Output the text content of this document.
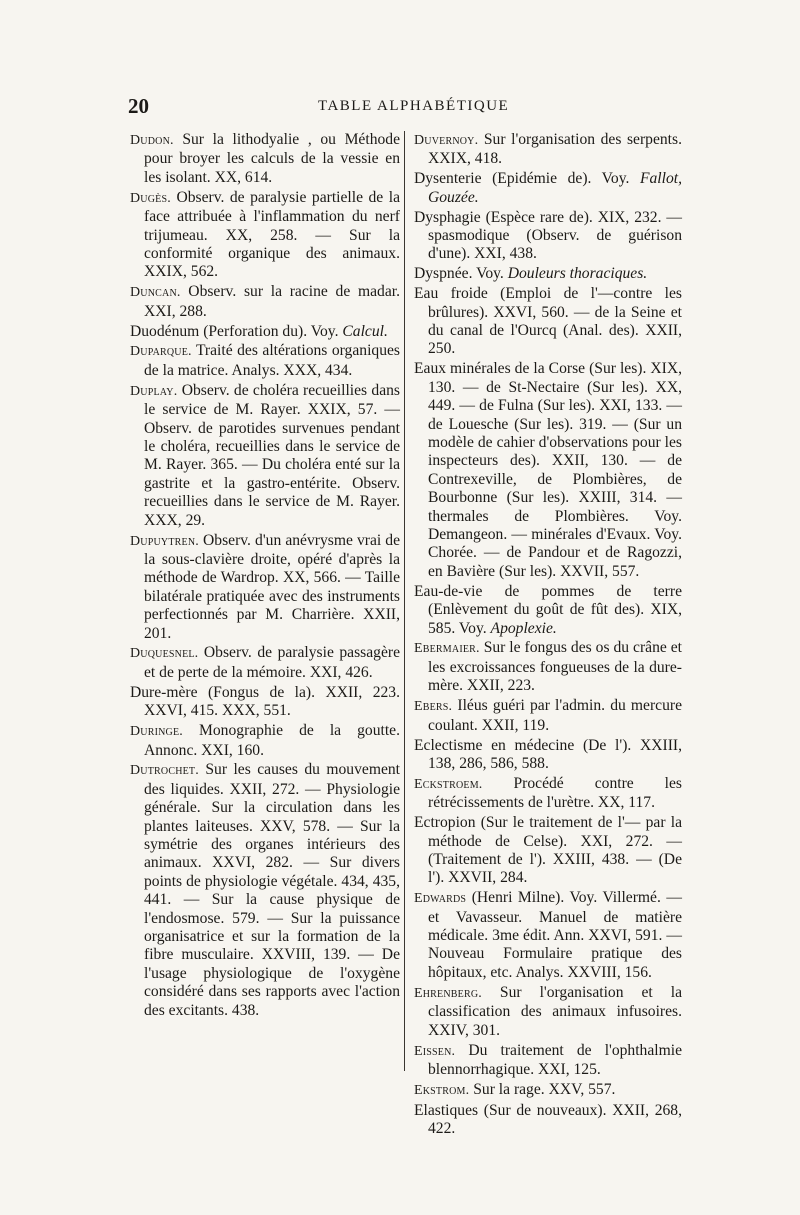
20	TABLE ALPHABÉTIQUE

Dudon. Sur la lithodyalie , ou Méthode pour broyer les calculs de la vessie en les isolant. XX, 614.

Dugès. Observ. de paralysie partielle de la face attribuée à l'inflammation du nerf trijumeau. XX, 258. — Sur la conformité organique des animaux. XXIX, 562.

Duncan. Observ. sur la racine de madar. XXI, 288.

Duodénum (Perforation du). Voy. Calcul.

Duparque. Traité des altérations organiques de la matrice. Analys. XXX, 434.

Duplay. Observ. de choléra recueillies dans le service de M. Rayer. XXIX, 57. — Observ. de parotides survenues pendant le choléra, recueillies dans le service de M. Rayer. 365. — Du choléra enté sur la gastrite et la gastro-entérite. Observ. recueillies dans le service de M. Rayer. XXX, 29.

Dupuytren. Observ. d'un anévrysme vrai de la sous-clavière droite, opéré d'après la méthode de Wardrop. XX, 566. — Taille bilatérale pratiquée avec des instruments perfectionnés par M. Charrière. XXII, 201.

Duquesnel. Observ. de paralysie passagère et de perte de la mémoire. XXI, 426.

Dure-mère (Fongus de la). XXII, 223. XXVI, 415. XXX, 551.

Duringe. Monographie de la goutte. Annonc. XXI, 160.

Dutrochet. Sur les causes du mouvement des liquides. XXII, 272. — Physiologie générale. Sur la circulation dans les plantes laiteuses. XXV, 578. — Sur la symétrie des organes intérieurs des animaux. XXVI, 282. — Sur divers points de physiologie végétale. 434, 435, 441. — Sur la cause physique de l'endosmose. 579. — Sur la puissance organisatrice et sur la formation de la fibre musculaire. XXVIII, 139. — De l'usage physiologique de l'oxygène considéré dans ses rapports avec l'action des excitants. 438.

Duvernoy. Sur l'organisation des serpents. XXIX, 418.

Dysenterie (Epidémie de). Voy. Fallot, Gouzée.

Dysphagie (Espèce rare de). XIX, 232. — spasmodique (Observ. de guérison d'une). XXI, 438.

Dyspnée. Voy. Douleurs thoraciques.

Eau froide (Emploi de l'—contre les brûlures). XXVI, 560. — de la Seine et du canal de l'Ourcq (Anal. des). XXII, 250.

Eaux minérales de la Corse (Sur les). XIX, 130. — de St-Nectaire (Sur les). XX, 449. — de Fulna (Sur les). XXI, 133. — de Louesche (Sur les). 319. — (Sur un modèle de cahier d'observations pour les inspecteurs des). XXII, 130. — de Contrexeville, de Plombières, de Bourbonne (Sur les). XXIII, 314. — thermales de Plombières. Voy. Demangeon. — minérales d'Evaux. Voy. Chorée. — de Pandour et de Ragozzi, en Bavière (Sur les). XXVII, 557.

Eau-de-vie de pommes de terre (Enlèvement du goût de fût des). XIX, 585. Voy. Apoplexie.

Ebermaier. Sur le fongus des os du crâne et les excroissances fongueuses de la dure-mère. XXII, 223.

Ebers. Iléus guéri par l'admin. du mercure coulant. XXII, 119.

Eclectisme en médecine (De l'). XXIII, 138, 286, 586, 588.

Eckstroem. Procédé contre les rétrécissements de l'urètre. XX, 117.

Ectropion (Sur le traitement de l'— par la méthode de Celse). XXI, 272. — (Traitement de l'). XXIII, 438. — (De l'). XXVII, 284.

Edwards (Henri Milne). Voy. Villermé. — et Vavasseur. Manuel de matière médicale. 3me édit. Ann. XXVI, 591. — Nouveau Formulaire pratique des hôpitaux, etc. Analys. XXVIII, 156.

Ehrenberg. Sur l'organisation et la classification des animaux infusoires. XXIV, 301.

Eissen. Du traitement de l'ophthalmie blennorrhagique. XXI, 125.

Ekstrom. Sur la rage. XXV, 557.

Elastiques (Sur de nouveaux). XXII, 268, 422.
